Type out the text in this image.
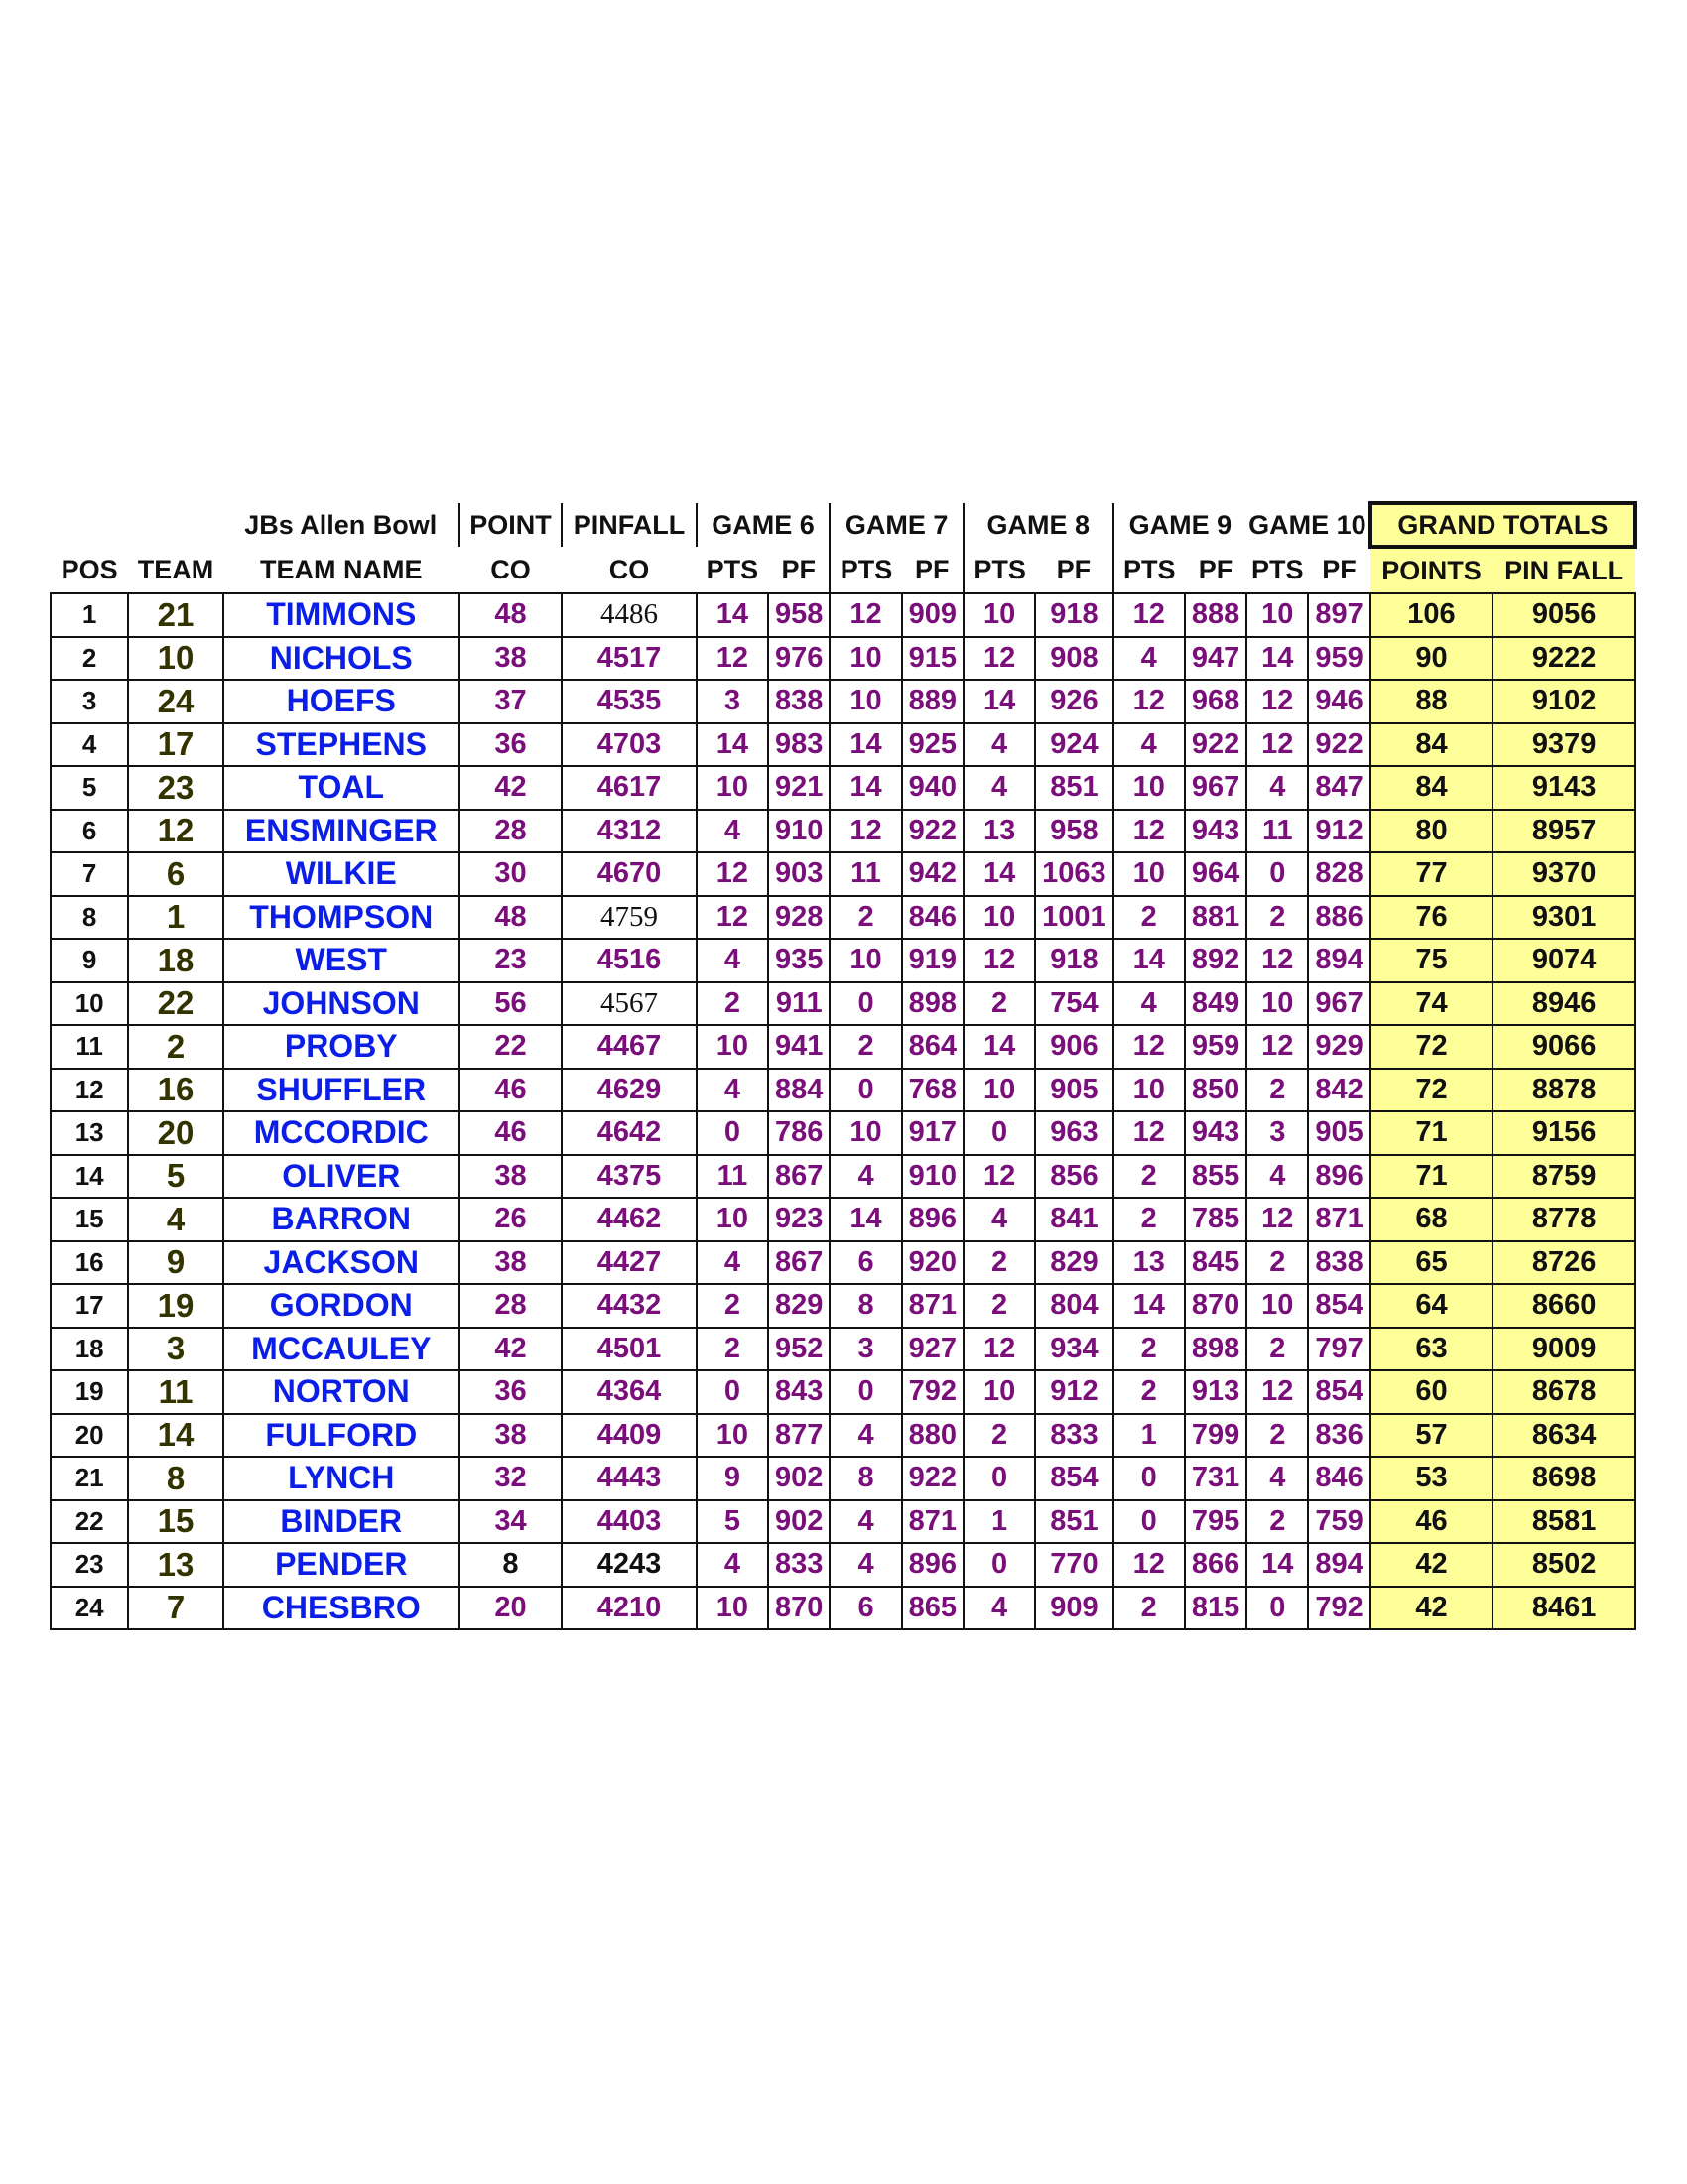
		JBs Allen Bowl	POINT	PINFALL	GAME 6		GAME 7		GAME 8		GAME 9		GAME 10		GRAND TOTALS	
POS	TEAM	TEAM NAME	CO	CO	PTS	PF	PTS	PF	PTS	PF	PTS	PF	PTS	PF	POINTS	PIN FALL
1	21	TIMMONS	48	4486	14	958	12	909	10	918	12	888	10	897	106	9056
2	10	NICHOLS	38	4517	12	976	10	915	12	908	4	947	14	959	90	9222
3	24	HOEFS	37	4535	3	838	10	889	14	926	12	968	12	946	88	9102
4	17	STEPHENS	36	4703	14	983	14	925	4	924	4	922	12	922	84	9379
5	23	TOAL	42	4617	10	921	14	940	4	851	10	967	4	847	84	9143
6	12	ENSMINGER	28	4312	4	910	12	922	13	958	12	943	11	912	80	8957
7	6	WILKIE	30	4670	12	903	11	942	14	1063	10	964	0	828	77	9370
8	1	THOMPSON	48	4759	12	928	2	846	10	1001	2	881	2	886	76	9301
9	18	WEST	23	4516	4	935	10	919	12	918	14	892	12	894	75	9074
10	22	JOHNSON	56	4567	2	911	0	898	2	754	4	849	10	967	74	8946
11	2	PROBY	22	4467	10	941	2	864	14	906	12	959	12	929	72	9066
12	16	SHUFFLER	46	4629	4	884	0	768	10	905	10	850	2	842	72	8878
13	20	MCCORDIC	46	4642	0	786	10	917	0	963	12	943	3	905	71	9156
14	5	OLIVER	38	4375	11	867	4	910	12	856	2	855	4	896	71	8759
15	4	BARRON	26	4462	10	923	14	896	4	841	2	785	12	871	68	8778
16	9	JACKSON	38	4427	4	867	6	920	2	829	13	845	2	838	65	8726
17	19	GORDON	28	4432	2	829	8	871	2	804	14	870	10	854	64	8660
18	3	MCCAULEY	42	4501	2	952	3	927	12	934	2	898	2	797	63	9009
19	11	NORTON	36	4364	0	843	0	792	10	912	2	913	12	854	60	8678
20	14	FULFORD	38	4409	10	877	4	880	2	833	1	799	2	836	57	8634
21	8	LYNCH	32	4443	9	902	8	922	0	854	0	731	4	846	53	8698
22	15	BINDER	34	4403	5	902	4	871	1	851	0	795	2	759	46	8581
23	13	PENDER	8	4243	4	833	4	896	0	770	12	866	14	894	42	8502
24	7	CHESBRO	20	4210	10	870	6	865	4	909	2	815	0	792	42	8461
